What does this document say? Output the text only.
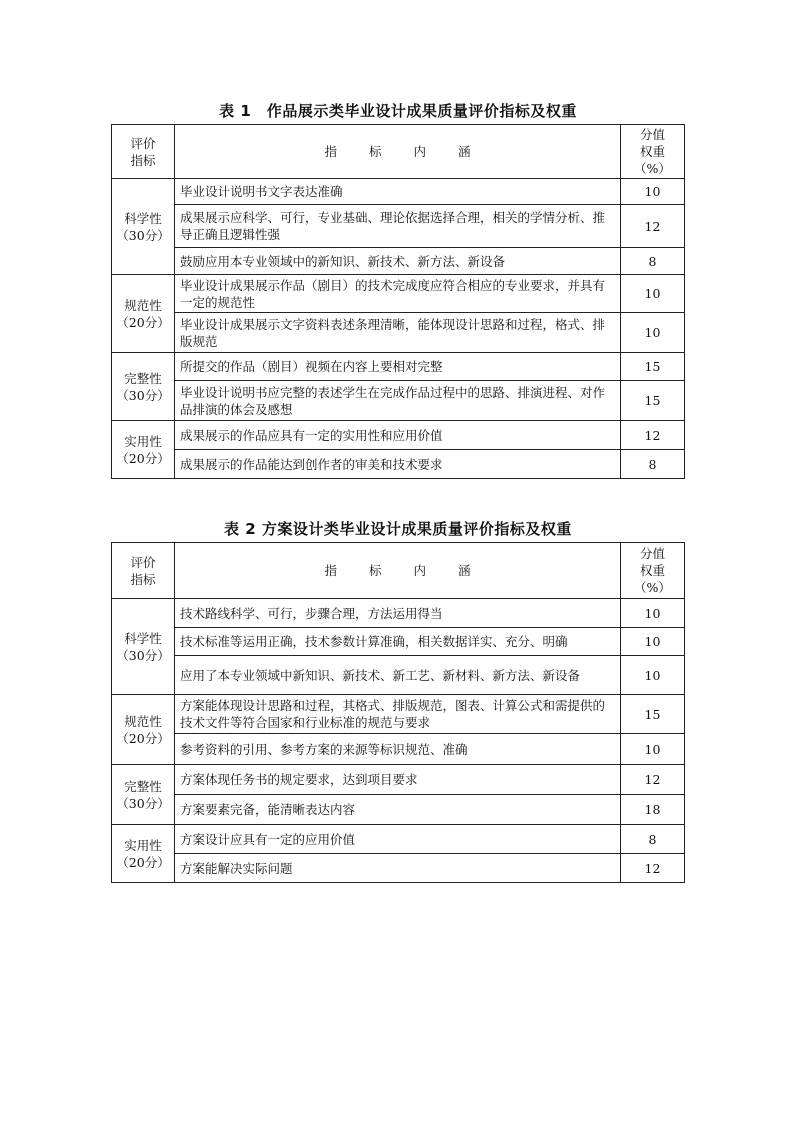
表 1　作品展示类毕业设计成果质量评价指标及权重
评价
指标	指 标 内 涵	分值
权重
（%）

科学性
（30分）	毕业设计说明书文字表达准确	10
	成果展示应科学、可行，专业基础、理论依据选择合理，相关的学情分析、推导正确且逻辑性强	12
	鼓励应用本专业领域中的新知识、新技术、新方法、新设备	8

规范性
（20分）	毕业设计成果展示作品（剧目）的技术完成度应符合相应的专业要求，并具有一定的规范性	10
	毕业设计成果展示文字资料表述条理清晰，能体现设计思路和过程，格式、排版规范	10

完整性
（30分）	所提交的作品（剧目）视频在内容上要相对完整	15
	毕业设计说明书应完整的表述学生在完成作品过程中的思路、排演进程、对作品排演的体会及感想	15

实用性
（20分）	成果展示的作品应具有一定的实用性和应用价值	12
	成果展示的作品能达到创作者的审美和技术要求	8
表 2 方案设计类毕业设计成果质量评价指标及权重
评价
指标	指 标 内 涵	分值
权重
（%）

科学性
（30分）	技术路线科学、可行，步骤合理，方法运用得当	10
	技术标准等运用正确，技术参数计算准确，相关数据详实、充分、明确	10
	应用了本专业领域中新知识、新技术、新工艺、新材料、新方法、新设备	10

规范性
（20分）	方案能体现设计思路和过程，其格式、排版规范，图表、计算公式和需提供的技术文件等符合国家和行业标准的规范与要求	15
	参考资料的引用、参考方案的来源等标识规范、准确	10

完整性
（30分）	方案体现任务书的规定要求，达到项目要求	12
	方案要素完备，能清晰表达内容	18

实用性
（20分）	方案设计应具有一定的应用价值	8
	方案能解决实际问题	12
